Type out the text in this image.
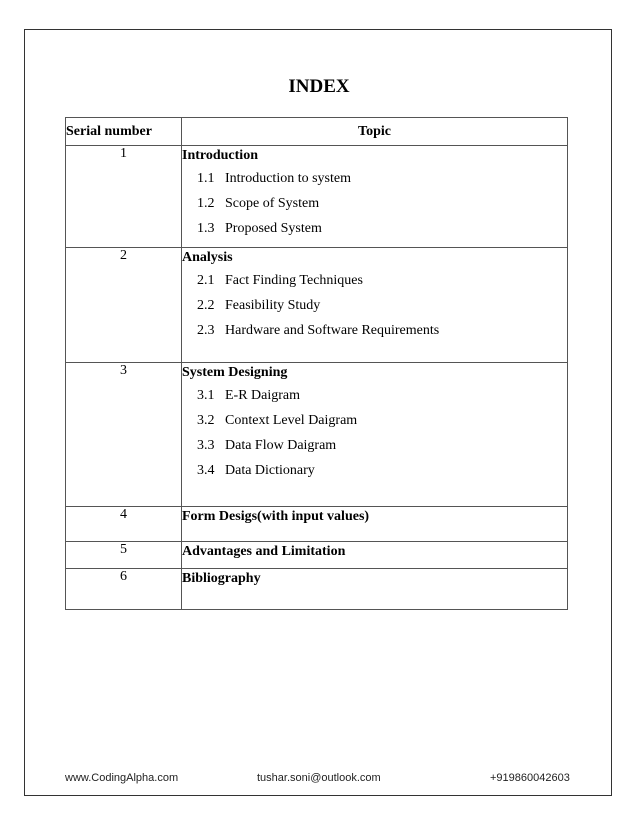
INDEX
Serial number	Topic
1	Introduction
1.1 Introduction to system
1.2 Scope of System
1.3 Proposed System

2	Analysis
2.1 Fact Finding Techniques
2.2 Feasibility Study
2.3 Hardware and Software Requirements

3	System Designing
3.1 E-R Daigram
3.2 Context Level Daigram
3.3 Data Flow Daigram
3.4 Data Dictionary

4	Form Desigs(with input values)

5	Advantages and Limitation

6	Bibliography
www.CodingAlpha.com	tushar.soni@outlook.com	+919860042603
